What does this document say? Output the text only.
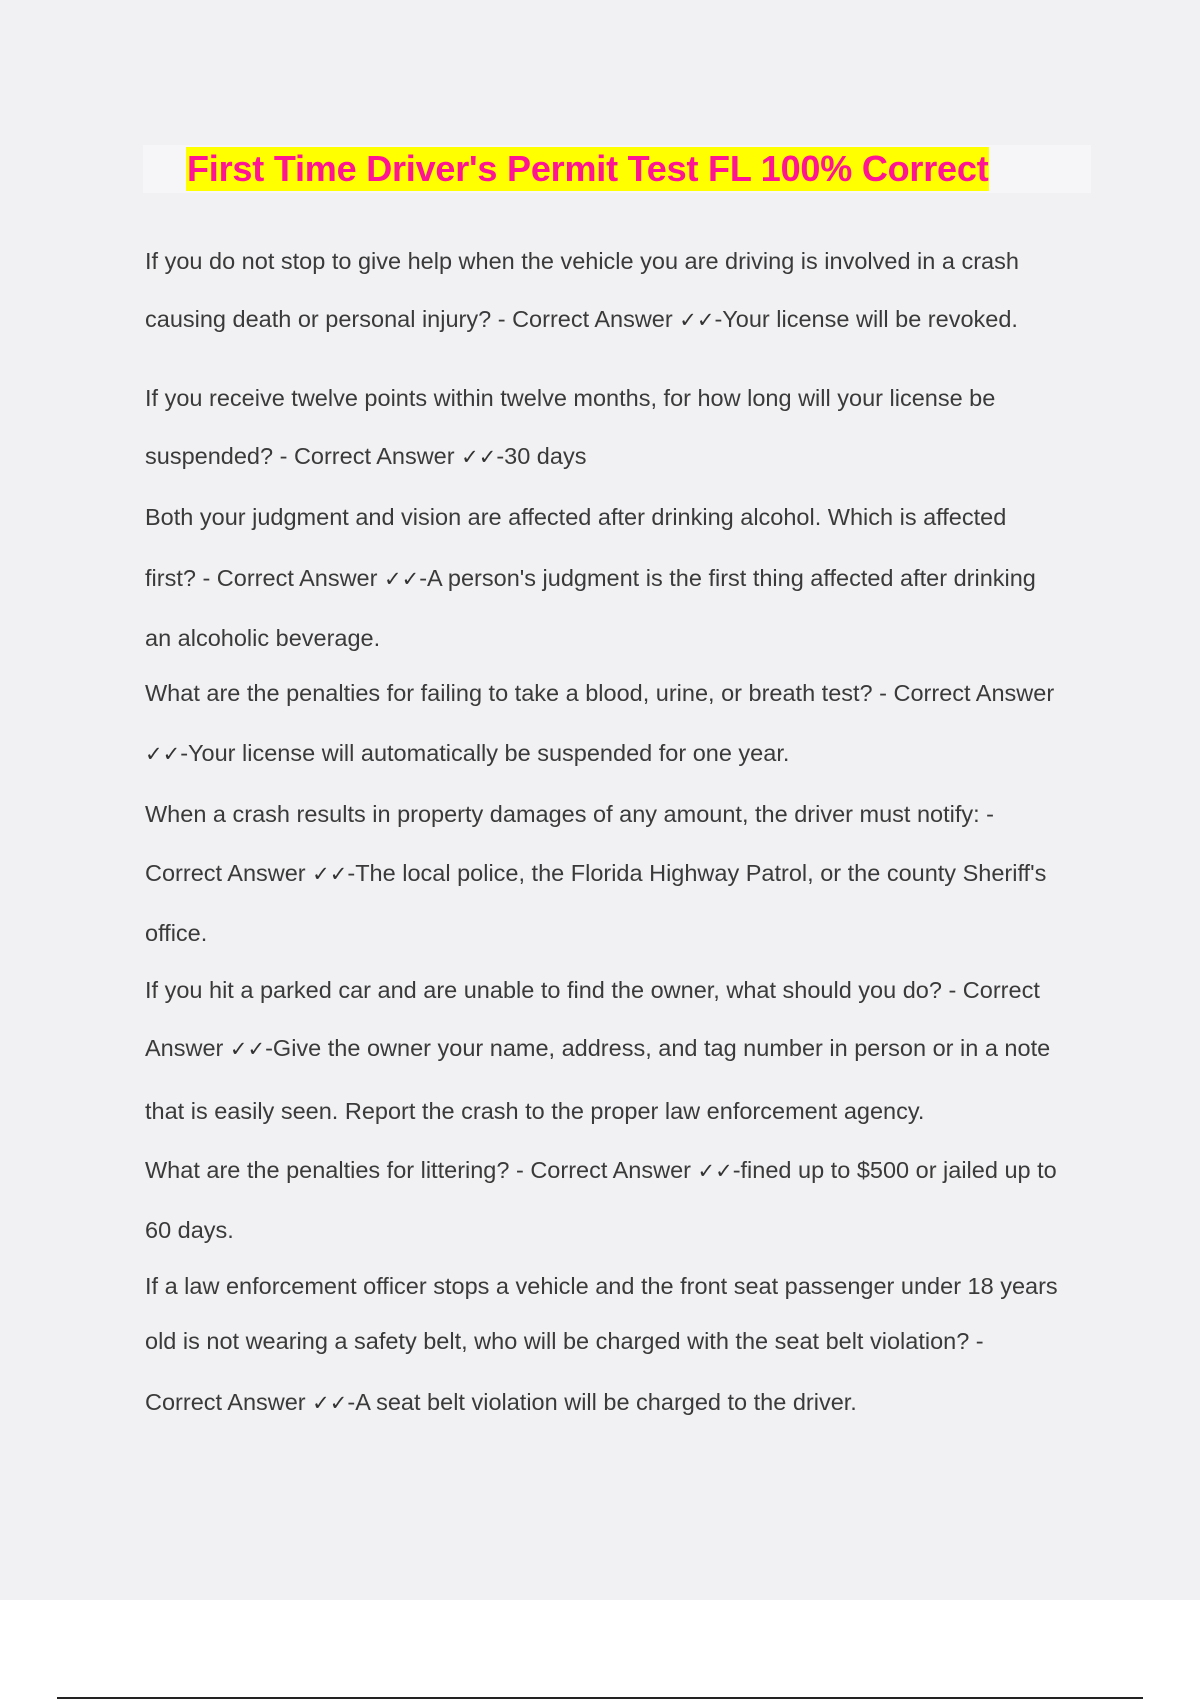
First Time Driver's Permit Test FL 100% Correct
If you do not stop to give help when the vehicle you are driving is involved in a crash
causing death or personal injury? - Correct Answer ✓✓-Your license will be revoked.
If you receive twelve points within twelve months, for how long will your license be
suspended? - Correct Answer ✓✓-30 days
Both your judgment and vision are affected after drinking alcohol. Which is affected
first? - Correct Answer ✓✓-A person's judgment is the first thing affected after drinking
an alcoholic beverage.
What are the penalties for failing to take a blood, urine, or breath test? - Correct Answer
✓✓-Your license will automatically be suspended for one year.
When a crash results in property damages of any amount, the driver must notify: -
Correct Answer ✓✓-The local police, the Florida Highway Patrol, or the county Sheriff's
office.
If you hit a parked car and are unable to find the owner, what should you do? - Correct
Answer ✓✓-Give the owner your name, address, and tag number in person or in a note
that is easily seen. Report the crash to the proper law enforcement agency.
What are the penalties for littering? - Correct Answer ✓✓-fined up to $500 or jailed up to
60 days.
If a law enforcement officer stops a vehicle and the front seat passenger under 18 years
old is not wearing a safety belt, who will be charged with the seat belt violation? -
Correct Answer ✓✓-A seat belt violation will be charged to the driver.
